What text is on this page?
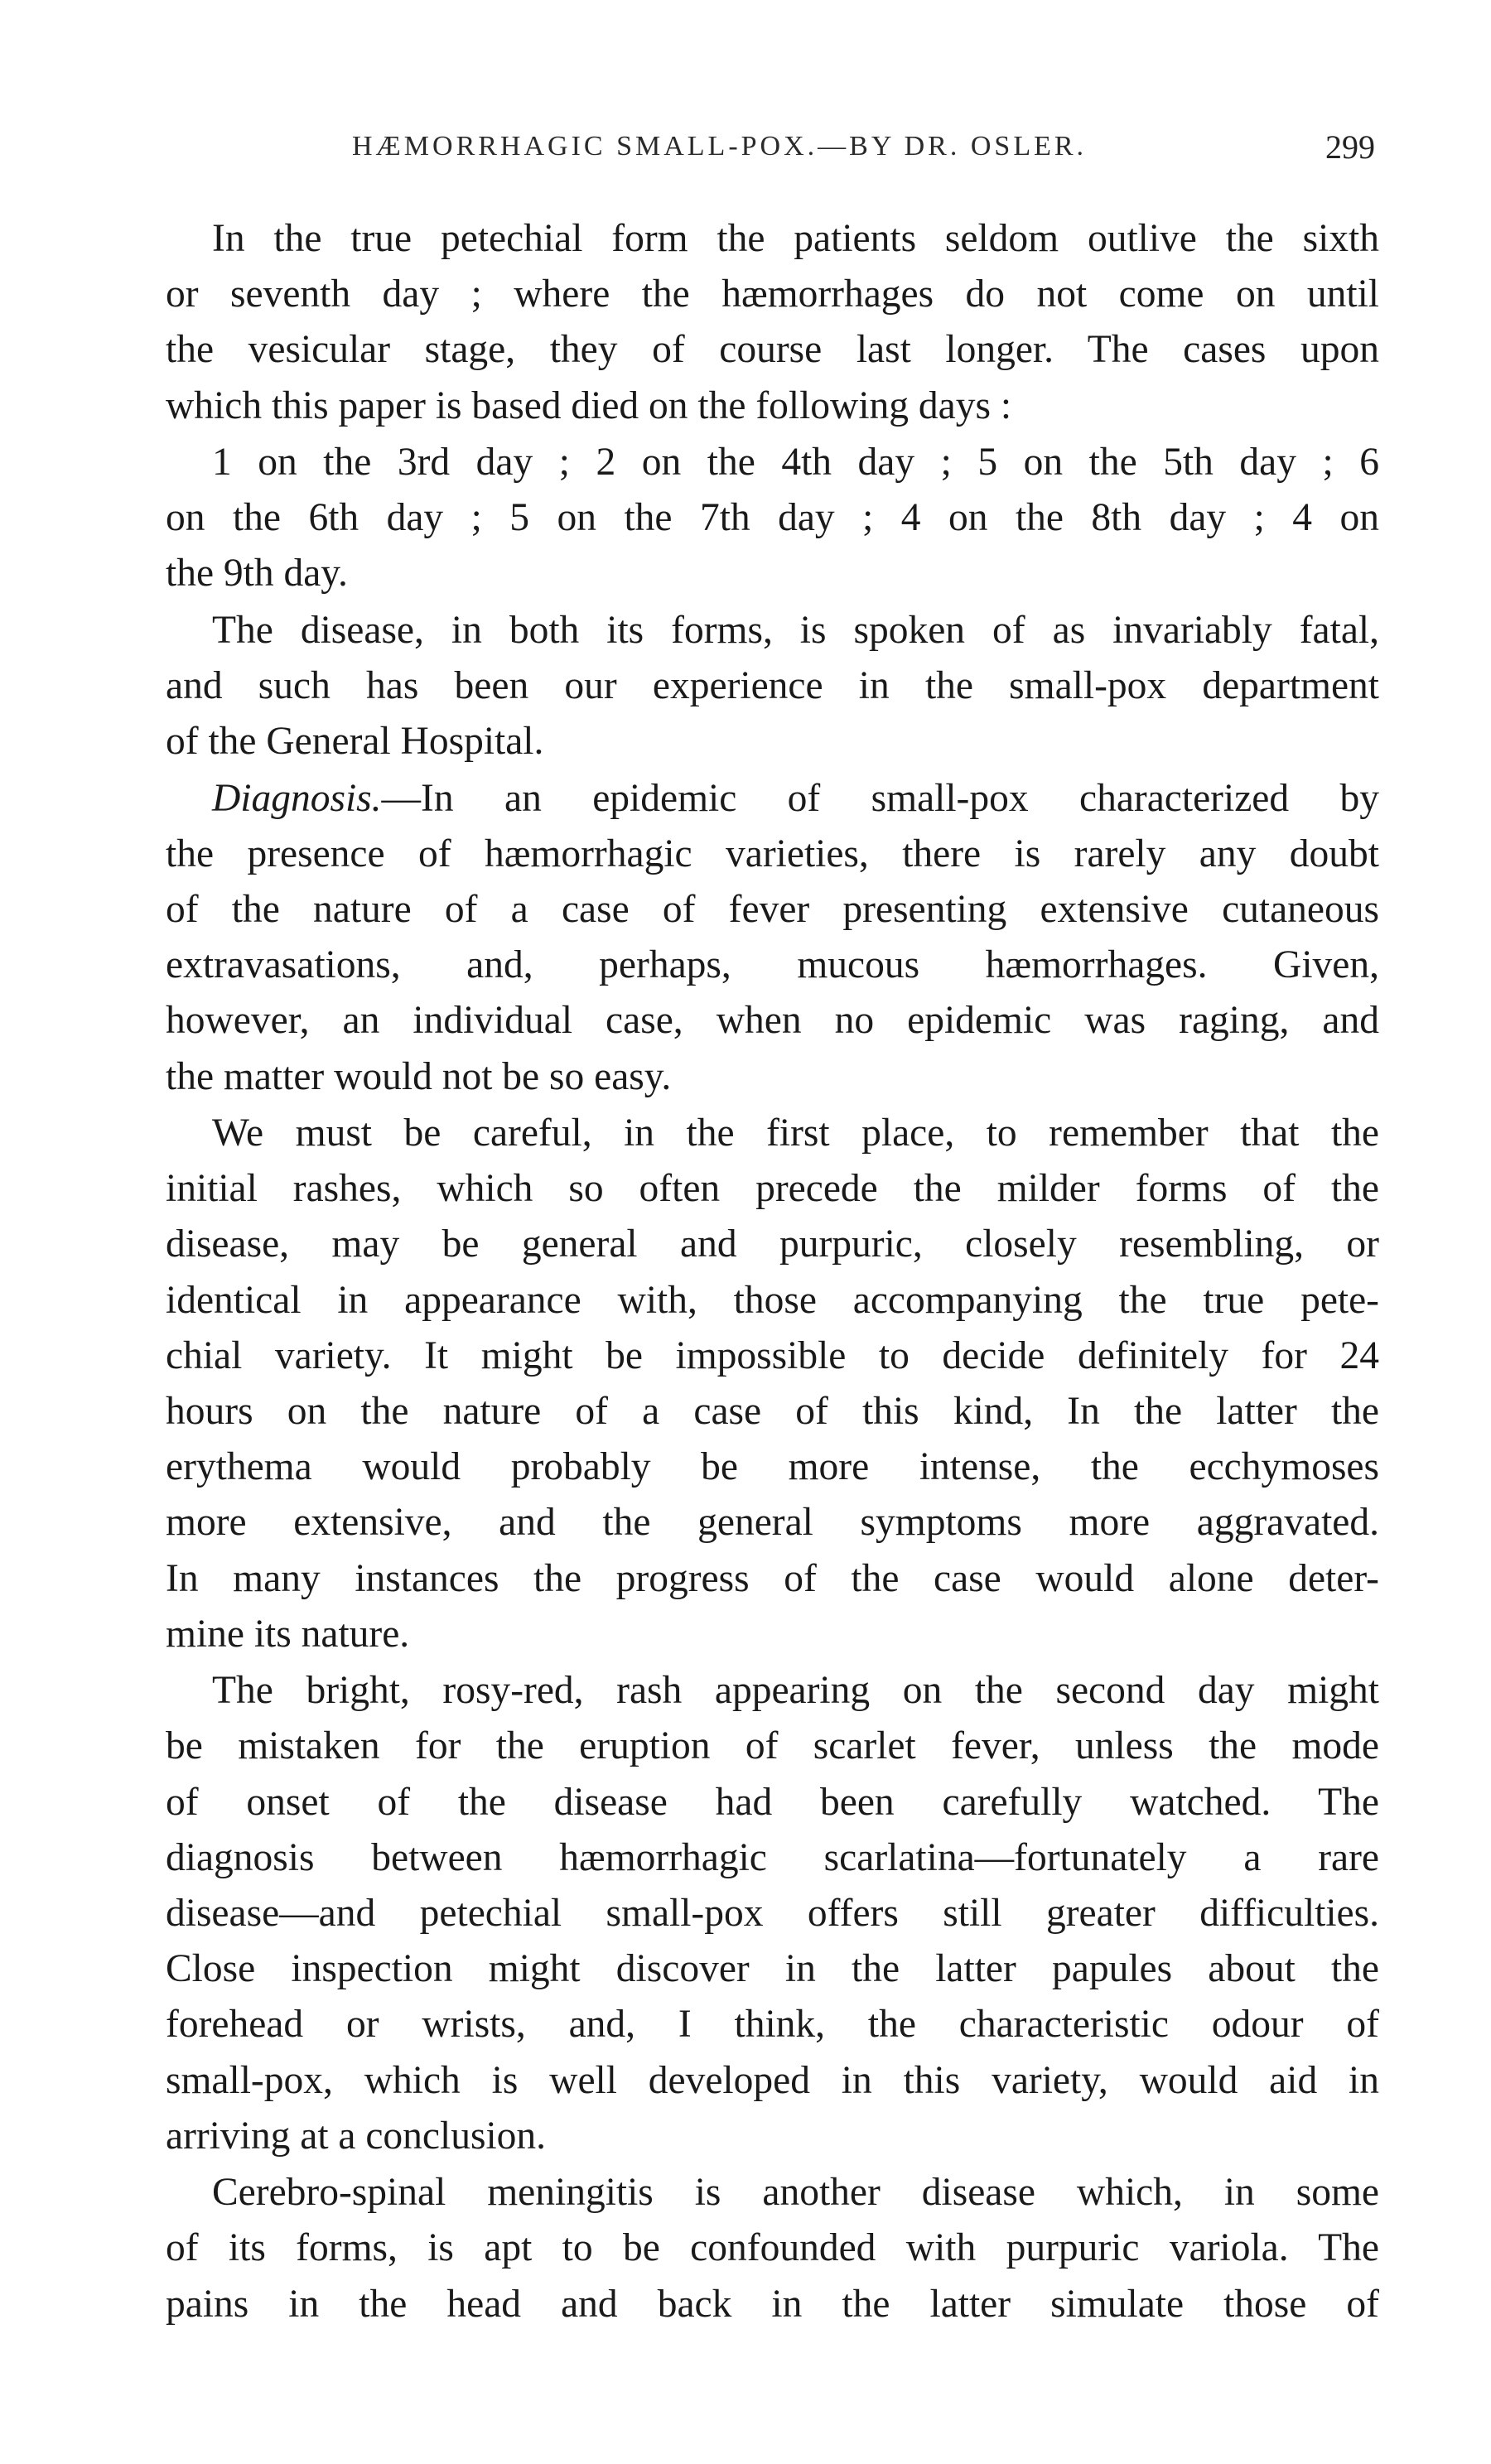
HÆMORRHAGIC SMALL-POX.—BY DR. OSLER.	299

In the true petechial form the patients seldom outlive the sixth
or seventh day ; where the hæmorrhages do not come on until
the vesicular stage, they of course last longer. The cases upon
which this paper is based died on the following days :

1 on the 3rd day ; 2 on the 4th day ; 5 on the 5th day ; 6
on the 6th day ; 5 on the 7th day ; 4 on the 8th day ; 4 on
the 9th day.

The disease, in both its forms, is spoken of as invariably fatal,
and such has been our experience in the small-pox department
of the General Hospital.

Diagnosis.—In an epidemic of small-pox characterized by
the presence of hæmorrhagic varieties, there is rarely any doubt
of the nature of a case of fever presenting extensive cutaneous
extravasations, and, perhaps, mucous hæmorrhages. Given,
however, an individual case, when no epidemic was raging, and
the matter would not be so easy.

We must be careful, in the first place, to remember that the
initial rashes, which so often precede the milder forms of the
disease, may be general and purpuric, closely resembling, or
identical in appearance with, those accompanying the true pete-
chial variety. It might be impossible to decide definitely for 24
hours on the nature of a case of this kind, In the latter the
erythema would probably be more intense, the ecchymoses
more extensive, and the general symptoms more aggravated.
In many instances the progress of the case would alone deter-
mine its nature.

The bright, rosy-red, rash appearing on the second day might
be mistaken for the eruption of scarlet fever, unless the mode
of onset of the disease had been carefully watched. The
diagnosis between hæmorrhagic scarlatina—fortunately a rare
disease—and petechial small-pox offers still greater difficulties.
Close inspection might discover in the latter papules about the
forehead or wrists, and, I think, the characteristic odour of
small-pox, which is well developed in this variety, would aid in
arriving at a conclusion.

Cerebro-spinal meningitis is another disease which, in some
of its forms, is apt to be confounded with purpuric variola. The
pains in the head and back in the latter simulate those of
